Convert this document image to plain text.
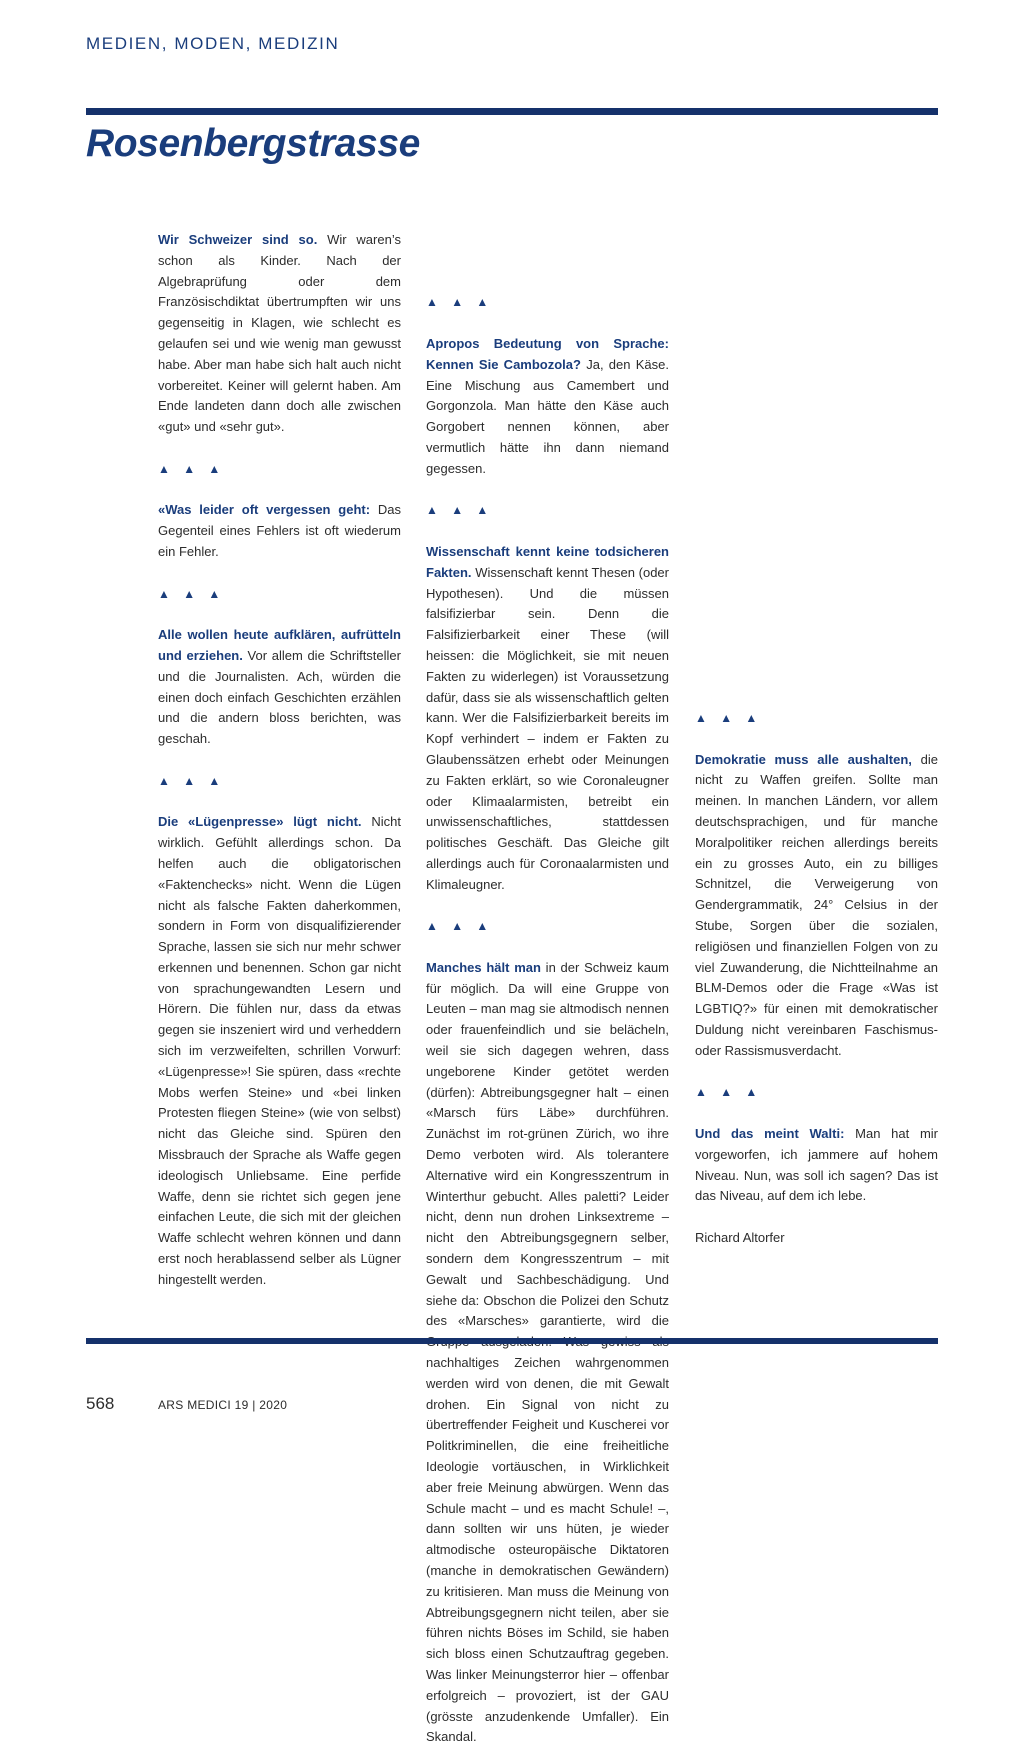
MEDIEN, MODEN, MEDIZIN
Rosenbergstrasse

Wir Schweizer sind so. Wir waren’s schon als Kinder. Nach der Algebraprüfung oder dem Französischdiktat übertrumpften wir uns gegenseitig in Klagen, wie schlecht es gelaufen sei und wie wenig man gewusst habe. Aber man habe sich halt auch nicht vorbereitet. Keiner will gelernt haben. Am Ende landeten dann doch alle zwischen «gut» und «sehr gut».

▲ ▲ ▲

«Was leider oft vergessen geht: Das Gegenteil eines Fehlers ist oft wiederum ein Fehler.

▲ ▲ ▲

Alle wollen heute aufklären, aufrütteln und erziehen. Vor allem die Schriftsteller und die Journalisten. Ach, würden die einen doch einfach Geschichten erzählen und die andern bloss berichten, was geschah.

▲ ▲ ▲

Die «Lügenpresse» lügt nicht. Nicht wirklich. Gefühlt allerdings schon. Da helfen auch die obligatorischen «Faktenchecks» nicht. Wenn die Lügen nicht als falsche Fakten daherkommen, sondern in Form von disqualifizierender Sprache, lassen sie sich nur mehr schwer erkennen und benennen. Schon gar nicht von sprachungewandten Lesern und Hörern. Die fühlen nur, dass da etwas gegen sie inszeniert wird und verheddern sich im verzweifelten, schrillen Vorwurf: «Lügenpresse»! Sie spüren, dass «rechte Mobs werfen Steine» und «bei linken Protesten fliegen Steine» (wie von selbst) nicht das Gleiche sind. Spüren den Missbrauch der Sprache als Waffe gegen ideologisch Unliebsame. Eine perfide Waffe, denn sie richtet sich gegen jene einfachen Leute, die sich mit der gleichen Waffe schlecht wehren können und dann erst noch herablassend selber als Lügner hingestellt werden.

▲ ▲ ▲

Apropos Bedeutung von Sprache: Kennen Sie Cambozola? Ja, den Käse. Eine Mischung aus Camembert und Gorgonzola. Man hätte den Käse auch Gorgobert nennen können, aber vermutlich hätte ihn dann niemand gegessen.

▲ ▲ ▲

Wissenschaft kennt keine todsicheren Fakten. Wissenschaft kennt Thesen (oder Hypothesen). Und die müssen falsifizierbar sein. Denn die Falsifizierbarkeit einer These (will heissen: die Möglichkeit, sie mit neuen Fakten zu widerlegen) ist Voraussetzung dafür, dass sie als wissenschaftlich gelten kann. Wer die Falsifizierbarkeit bereits im Kopf verhindert – indem er Fakten zu Glaubenssätzen erhebt oder Meinungen zu Fakten erklärt, so wie Coronaleugner oder Klimaalarmisten, betreibt ein unwissenschaftliches, stattdessen politisches Geschäft. Das Gleiche gilt allerdings auch für Coronaalarmisten und Klimaleugner.

▲ ▲ ▲

Manches hält man in der Schweiz kaum für möglich. Da will eine Gruppe von Leuten – man mag sie altmodisch nennen oder frauenfeindlich und sie belächeln, weil sie sich dagegen wehren, dass ungeborene Kinder getötet werden (dürfen): Abtreibungsgegner halt – einen «Marsch fürs Läbe» durchführen. Zunächst im rot-grünen Zürich, wo ihre Demo verboten wird. Als tolerantere Alternative wird ein Kongresszentrum in Winterthur gebucht. Alles paletti? Leider nicht, denn nun drohen Linksextreme – nicht den Abtreibungsgegnern selber, sondern dem Kongresszentrum – mit Gewalt und Sachbeschädigung. Und siehe da: Obschon die Polizei den Schutz des «Marsches» garantierte, wird die nachhaltiges Zeichen wahrgenommen werden wird von denen, die mit Gewalt drohen. Ein Signal von nicht zu übertreffender Feigheit und Kuscherei vor Politkriminellen, die eine freiheitliche Ideologie vortäuschen, in Wirklichkeit aber freie Meinung abwürgen. Wenn das Schule macht – und es macht Schule! –, dann sollten wir uns hüten, je wieder altmodische osteuropäische Diktatoren (manche in demokratischen Gewändern) zu kritisieren. Man muss die Meinung von Abtreibungsgegnern nicht teilen, aber sie führen nichts Böses im Schild, sie haben sich bloss einen Schutzauftrag gegeben. Was linker Meinungsterror hier – offenbar erfolgreich – provoziert, ist der GAU (grösste anzudenkende Umfaller). Ein Skandal.

▲ ▲ ▲

Demokratie muss alle aushalten, die nicht zu Waffen greifen. Sollte man meinen. In manchen Ländern, vor allem deutschsprachigen, und für manche Moralpolitiker reichen allerdings bereits ein zu grosses Auto, ein zu billiges Schnitzel, die Verweigerung von Gendergrammatik, 24° Celsius in der Stube, Sorgen über die sozialen, religiösen und finanziellen Folgen von zu viel Zuwanderung, die Nichtteilnahme an BLM-Demos oder die Frage «Was ist LGBTIQ?» für einen mit demokratischer Duldung nicht vereinbaren Faschismus- oder Rassismusverdacht.

▲ ▲ ▲

Und das meint Walti: Man hat mir vorgeworfen, ich jammere auf hohem Niveau. Nun, was soll ich sagen? Das ist das Niveau, auf dem ich lebe.

Richard Altorfer

568	ARS MEDICI 19 | 2020
